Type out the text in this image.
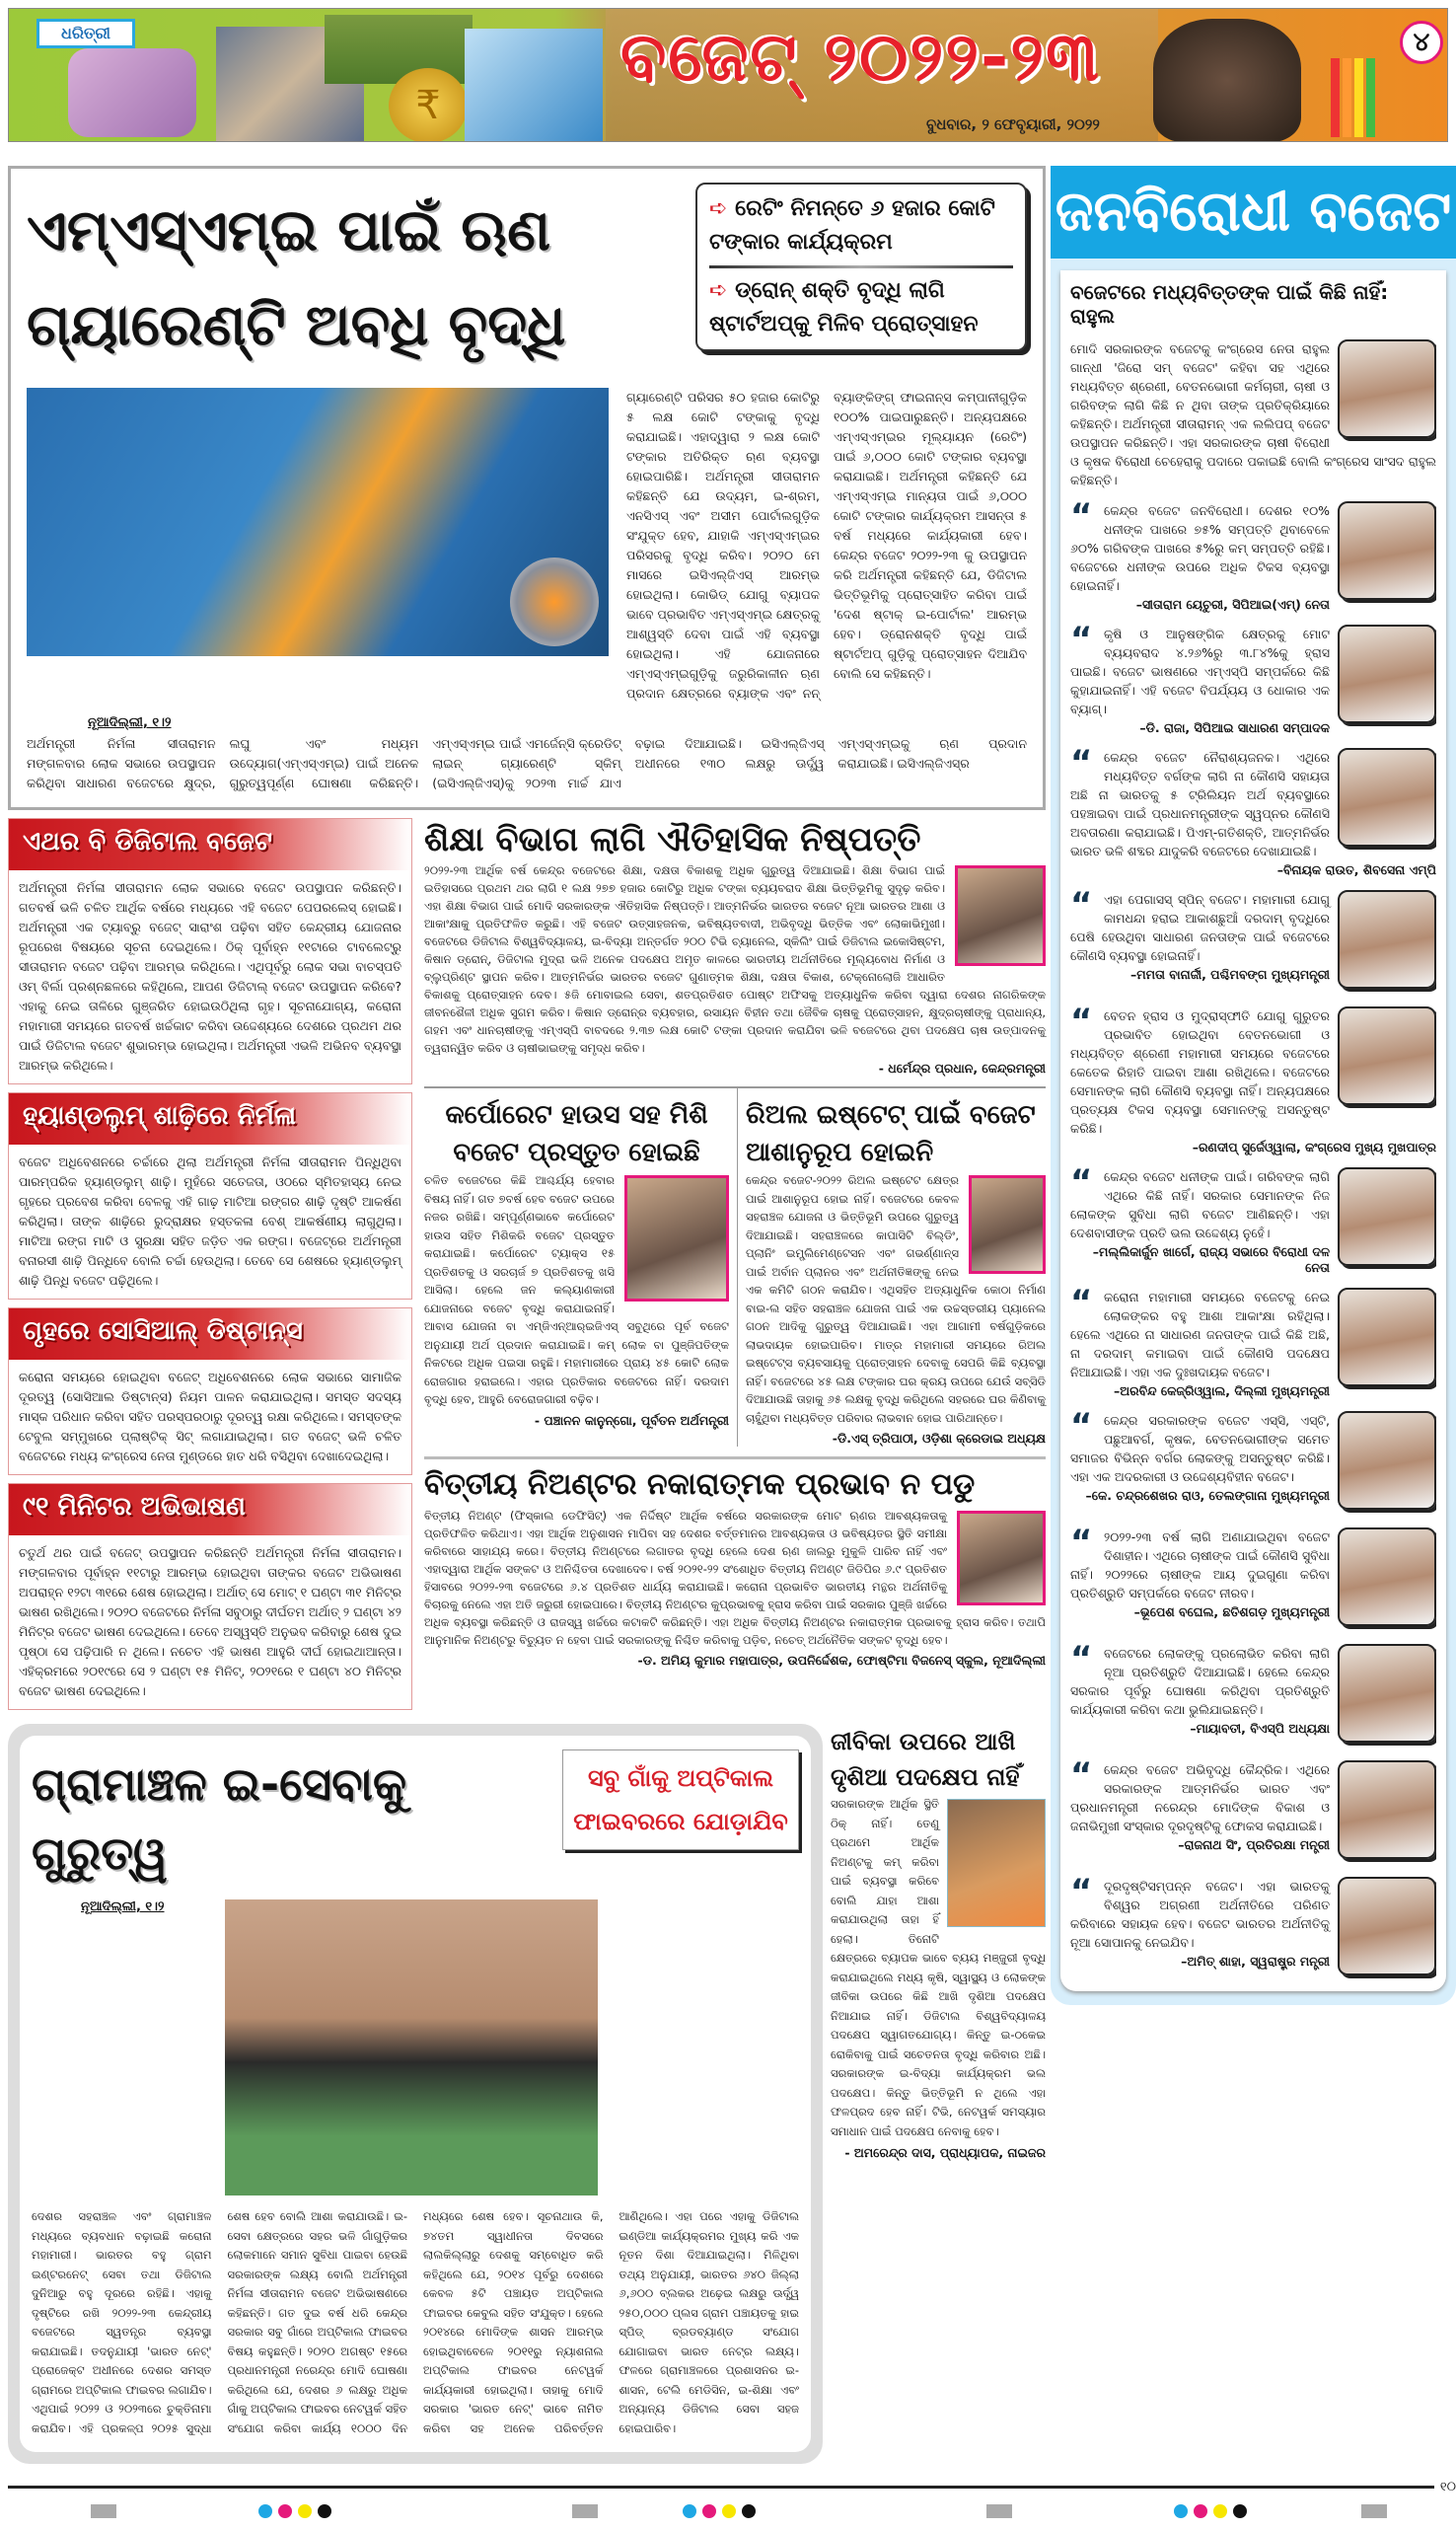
₹
ଧରିତ୍ରୀ	ବଜେଟ୍ ୨୦୨୨-୨୩
ବୁଧବାର, ୨ ଫେବୃୟାରୀ, ୨୦୨୨
୪
ଏମ୍‌ଏସ୍‌ଏମ୍‌ଇ ପାଇଁ ଋଣ ଗ୍ୟାରେଣ୍ଟି ଅବଧି ବୃଦ୍ଧି
➪ ରେଟିଂ ନିମନ୍ତେ ୬ ହଜାର କୋଟି ଟଙ୍କାର କାର୍ଯ୍ୟକ୍ରମ
➪ ଡ୍ରୋନ୍ ଶକ୍ତି ବୃଦ୍ଧି ଲାଗି ଷ୍ଟାର୍ଟଅପ୍‌କୁ ମିଳିବ ପ୍ରୋତ୍ସାହନ
ଗ୍ୟାରେଣ୍ଟି ପରିସର ୫୦ ହଜାର କୋଟିରୁ ୫ ଲକ୍ଷ କୋଟି ଟଙ୍କାକୁ ବୃଦ୍ଧି କରାଯାଇଛି। ଏହାଦ୍ୱାରା ୨ ଲକ୍ଷ କୋଟି ଟଙ୍କାର ଅତିରିକ୍ତ ଋଣ ବ୍ୟବସ୍ଥା ହୋଇପାରିଛି। ଅର୍ଥମନ୍ତ୍ରୀ ସୀତାରାମନ କହିଛନ୍ତି ଯେ ଉଦ୍ୟମ, ଇ-ଶ୍ରମ, ଏନସିଏସ୍ ଏବଂ ଅସୀମ ପୋର୍ଟାଲଗୁଡ଼ିକ ସଂଯୁକ୍ତ ହେବ, ଯାହାକି ଏମ୍‌ଏସ୍‌ଏମ୍‌ଇର ପରିସରକୁ ବୃଦ୍ଧି କରିବ। ୨୦୨୦ ମେ ମାସରେ ଇସିଏଲ୍‌ଜିଏସ୍ ଆରମ୍ଭ ହୋଇଥିଲା। କୋଭିଡ୍ ଯୋଗୁ ବ୍ୟାପକ ଭାବେ ପ୍ରଭାବିତ ଏମ୍‌ଏସ୍‌ଏମ୍‌ଇ କ୍ଷେତ୍ରକୁ ଆଶ୍ୱସ୍ତି ଦେବା ପାଇଁ ଏହି ବ୍ୟବସ୍ଥା ହୋଇଥିଲା। ଏହି ଯୋଜନାରେ ଏମ୍‌ଏସ୍‌ଏମ୍‌ଇଗୁଡ଼ିକୁ ଜରୁରିକାଳୀନ ଋଣ ପ୍ରଦାନ କ୍ଷେତ୍ରରେ ବ୍ୟାଙ୍କ ଏବଂ ନନ୍ ବ୍ୟାଙ୍କିଙ୍ଗ୍ ଫାଇନାନ୍ସ କମ୍ପାନୀଗୁଡ଼ିକ ୧୦୦% ପାଇପାରୁଛନ୍ତି। ଅନ୍ୟପକ୍ଷରେ ଏମ୍‌ଏସ୍‌ଏମ୍‌ଇର ମୂଲ୍ୟାୟନ (ରେଟିଂ) ପାଇଁ ୬,୦୦୦ କୋଟି ଟଙ୍କାର ବ୍ୟବସ୍ଥା କରାଯାଇଛି। ଅର୍ଥମନ୍ତ୍ରୀ କହିଛନ୍ତି ଯେ ଏମ୍‌ଏସ୍‌ଏମ୍‌ଇ ମାନ୍ୟତା ପାଇଁ ୬,୦୦୦ କୋଟି ଟଙ୍କାର କାର୍ଯ୍ୟକ୍ରମ ଆସନ୍ତା ୫ ବର୍ଷ ମଧ୍ୟରେ କାର୍ଯ୍ୟକାରୀ ହେବ। କେନ୍ଦ୍ର ବଜେଟ ୨୦୨୨-୨୩ କୁ ଉପସ୍ଥାପନ କରି ଅର୍ଥମନ୍ତ୍ରୀ କହିଛନ୍ତି ଯେ, ଡିଜିଟାଲ ଭିତ୍ତିଭୂମିକୁ ପ୍ରୋତ୍ସାହିତ କରିବା ପାଇଁ 'ଦେଶ ଷ୍ଟାକ୍ ଇ-ପୋର୍ଟାଲ' ଆରମ୍ଭ ହେବ। ଡ୍ରୋନଶକ୍ତି ବୃଦ୍ଧି ପାଇଁ ଷ୍ଟାର୍ଟଅପ୍ ଗୁଡ଼ିକୁ ପ୍ରୋତ୍ସାହନ ଦିଆଯିବ ବୋଲି ସେ କହିଛନ୍ତି।
ନୂଆଦିଲ୍ଲୀ, ୧।୨
ଅର୍ଥମନ୍ତ୍ରୀ ନିର୍ମଳା ସୀତାରାମନ ମଙ୍ଗଳବାର ଲୋକ ସଭାରେ ଉପସ୍ଥାପନ କରିଥିବା ସାଧାରଣ ବଜେଟରେ କ୍ଷୁଦ୍ର, ଲଘୁ ଏବଂ ମଧ୍ୟମ ଉଦ୍ୟୋଗ(ଏମ୍‌ଏସ୍‌ଏମ୍‌ଇ) ପାଇଁ ଅନେକ ଗୁରୁତ୍ୱପୂର୍ଣ୍ଣ ଘୋଷଣା କରିଛନ୍ତି। ଏମ୍‌ଏସ୍‌ଏମ୍‌ଇ ପାଇଁ ଏମର୍ଜେନ୍ସି କ୍ରେଡିଟ୍ ଲାଇନ୍ ଗ୍ୟାରେଣ୍ଟି ସ୍କିମ୍ (ଇସିଏଲ୍‌ଜିଏସ୍)କୁ ୨୦୨୩ ମାର୍ଚ୍ଚ ଯାଏ ବଢ଼ାଇ ଦିଆଯାଇଛି। ଇସିଏଲ୍‌ଜିଏସ୍ ଅଧୀନରେ ୧୩୦ ଲକ୍ଷରୁ ଊର୍ଦ୍ଧ୍ୱ ଏମ୍‌ଏସ୍‌ଏମ୍‌ଇକୁ ଋଣ ପ୍ରଦାନ କରାଯାଇଛି। ଇସିଏଲ୍‌ଜିଏସ୍‌ର
ଏଥର ବି ଡିଜିଟାଲ ବଜେଟ
ଅର୍ଥମନ୍ତ୍ରୀ ନିର୍ମଳା ସୀତାରାମନ ଲୋକ ସଭାରେ ବଜେଟ ଉପସ୍ଥାପନ କରିଛନ୍ତି। ଗତବର୍ଷ ଭଳି ଚଳିତ ଆର୍ଥିକ ବର୍ଷରେ ମଧ୍ୟରେ ଏହି ବଜେଟ ପେପରଲେସ୍ ହୋଇଛି। ଅର୍ଥମନ୍ତ୍ରୀ ଏକ ଟ୍ୟାବ୍‌ରୁ ବଜେଟ୍ ସାରାଂଶ ପଢ଼ିବା ସହିତ କେନ୍ଦ୍ରୀୟ ଯୋଜନାର ରୂପରେଖ ବିଷୟରେ ସୂଚନା ଦେଇଥିଲେ। ଠିକ୍ ପୂର୍ବାହ୍ନ ୧୧ଟାରେ ଟାବଲେଟ୍‌ରୁ ସୀତାରାମନ ବଜେଟ ପଢ଼ିବା ଆରମ୍ଭ କରିଥିଲେ। ଏଥିପୂର୍ବରୁ ଲୋକ ସଭା ବାଚସ୍ପତି ଓମ୍ ବିର୍ଲା ପ୍ରଶ୍ନଛଳରେ କହିଥିଲେ, ଆପଣ ଡିଜିଟାଲ୍ ବଜେଟ ଉପସ୍ଥାପନ କରିବେ? ଏହାକୁ ନେଇ ତାଳିରେ ଗୁଞ୍ଜରିତ ହୋଇଉଠିଥିଲା ଗୃହ। ସୂଚନାଯୋଗ୍ୟ, କରୋନା ମହାମାରୀ ସମୟରେ ଗତବର୍ଷ ଖର୍ଚ୍ଚକାଟ କରିବା ଉଦ୍ଦେଶ୍ୟରେ ଦେଶରେ ପ୍ରଥମ ଥର ପାଇଁ ଡିଜିଟାଲ ବଜେଟ ଶୁଭାରମ୍ଭ ହୋଇଥିଲା। ଅର୍ଥମନ୍ତ୍ରୀ ଏଭଳି ଅଭିନବ ବ୍ୟବସ୍ଥା ଆରମ୍ଭ କରିଥିଲେ।
ହ୍ୟାଣ୍ଡଲୁମ୍ ଶାଢ଼ିରେ ନିର୍ମଳା
ବଜେଟ ଅଧିବେଶନରେ ଚର୍ଚ୍ଚାରେ ଥିଲା ଅର୍ଥମନ୍ତ୍ରୀ ନିର୍ମଳା ସୀତାରାମନ ପିନ୍ଧିଥିବା ପାରମ୍ପରିକ ହ୍ୟାଣ୍ଡଲୁମ୍ ଶାଢ଼ି। ମୁହଁରେ ସତେଜତା, ଓଠରେ ସ୍ମିତହାସ୍ୟ ନେଇ ଗୃହରେ ପ୍ରବେଶ କରିବା ବେଳକୁ ଏହି ଗାଢ଼ ମାଟିଆ ରଙ୍ଗର ଶାଢ଼ି ଦୃଷ୍ଟି ଆକର୍ଷଣ କରିଥିଲା। ତାଙ୍କ ଶାଢ଼ିରେ ରୁଦ୍ରାକ୍ଷର ହସ୍ତକଳା ବେଶ୍ ଆକର୍ଷଣୀୟ ଲାଗୁଥିଲା। ମାଟିଆ ରଙ୍ଗ ମାଟି ଓ ସୁରକ୍ଷା ସହିତ ଜଡ଼ିତ ଏକ ରଙ୍ଗ। ବଜେଟ୍‌ରେ ଅର୍ଥମନ୍ତ୍ରୀ ବନାରସୀ ଶାଢ଼ି ପିନ୍ଧିବେ ବୋଲି ଚର୍ଚ୍ଚା ହେଉଥିଲା। ତେବେ ସେ ଶେଷରେ ହ୍ୟାଣ୍ଡଲୁମ୍ ଶାଢ଼ି ପିନ୍ଧି ବଜେଟ ପଢ଼ିଥିଲେ।
ଗୃହରେ ସୋସିଆଲ୍ ଡିଷ୍ଟାନ୍ସ
କରୋନା ସମୟରେ ହୋଇଥିବା ବଜେଟ୍ ଅଧିବେଶନରେ ଲୋକ ସଭାରେ ସାମାଜିକ ଦୂରତ୍ୱ (ସୋସିଆଲ ଡିଷ୍ଟାନ୍ସ) ନିୟମ ପାଳନ କରାଯାଇଥିଲା। ସମସ୍ତ ସଦସ୍ୟ ମାସ୍କ ପରିଧାନ କରିବା ସହିତ ପରସ୍ପରଠାରୁ ଦୂରତ୍ୱ ରକ୍ଷା କରିଥିଲେ। ସମସ୍ତଙ୍କ ଟେବୁଲ ସମ୍ମୁଖରେ ପ୍ଲାଷ୍ଟିକ୍ ସିଟ୍ ଲଗାଯାଇଥିଲା। ଗତ ବଜେଟ୍ ଭଳି ଚଳିତ ବଜେଟରେ ମଧ୍ୟ କଂଗ୍ରେସ ନେତା ମୁଣ୍ଡରେ ହାତ ଧରି ବସିଥିବା ଦେଖାଦେଇଥିଲା।
୯୧ ମିନିଟର ଅଭିଭାଷଣ
ଚତୁର୍ଥ ଥର ପାଇଁ ବଜେଟ୍ ଉପସ୍ଥାପନ କରିଛନ୍ତି ଅର୍ଥମନ୍ତ୍ରୀ ନିର୍ମଳା ସୀତାରାମନ। ମଙ୍ଗଳବାର ପୂର୍ବାହ୍ନ ୧୧ଟାରୁ ଆରମ୍ଭ ହୋଇଥିବା ତାଙ୍କର ବଜେଟ ଅଭିଭାଷଣ ଅପରାହ୍ନ ୧୨ଟା ୩୧ରେ ଶେଷ ହୋଇଥିଲା। ଅର୍ଥାତ୍ ସେ ମୋଟ୍ ୧ ଘଣ୍ଟା ୩୧ ମିନିଟ୍‌ର ଭାଷଣ ରଖିଥିଲେ। ୨୦୨୦ ବଜେଟରେ ନିର୍ମଳା ସବୁଠାରୁ ଦୀର୍ଘତମ ଅର୍ଥାତ୍ ୨ ଘଣ୍ଟା ୪୨ ମିନିଟ୍‌ର ବଜେଟ ଭାଷଣ ଦେଇଥିଲେ। ତେବେ ଅସ୍ୱସ୍ତି ଅନୁଭବ କରିବାରୁ ଶେଷ ଦୁଇ ପୃଷ୍ଠା ସେ ପଢ଼ିପାରି ନ ଥିଲେ। ନଚେତ ଏହି ଭାଷଣ ଆହୁରି ଦୀର୍ଘ ହୋଇଥାଆନ୍ତା। ଏହିକ୍ରମରେ ୨୦୧୯ରେ ସେ ୨ ଘଣ୍ଟା ୧୫ ମିନିଟ୍, ୨୦୨୧ରେ ୧ ଘଣ୍ଟା ୪୦ ମିନିଟ୍‌ର ବଜେଟ ଭାଷଣ ଦେଇଥିଲେ।
ଶିକ୍ଷା ବିଭାଗ ଲାଗି ଐତିହାସିକ ନିଷ୍ପତ୍ତି
୨୦୨୨-୨୩ ଆର୍ଥିକ ବର୍ଷ କେନ୍ଦ୍ର ବଜେଟରେ ଶିକ୍ଷା, ଦକ୍ଷତା ବିକାଶକୁ ଅଧିକ ଗୁରୁତ୍ୱ ଦିଆଯାଇଛି। ଶିକ୍ଷା ବିଭାଗ ପାଇଁ ଇତିହାସରେ ପ୍ରଥମ ଥର ଲାଗି ୧ ଲକ୍ଷ ୨୭୭ ହଜାର କୋଟିରୁ ଅଧିକ ଟଙ୍କା ବ୍ୟୟବରାଦ ଶିକ୍ଷା ଭିତ୍ତିଭୂମିକୁ ସୁଦୃଢ଼ କରିବ। ଏହା ଶିକ୍ଷା ବିଭାଗ ପାଇଁ ମୋଦି ସରକାରଙ୍କ ଐତିହାସିକ ନିଷ୍ପତ୍ତି। ଆତ୍ମନିର୍ଭର ଭାରତର ବଜେଟ ନୂଆ ଭାରତର ଆଶା ଓ ଆକାଂକ୍ଷାକୁ ପ୍ରତିଫଳିତ କରୁଛି। ଏହି ବଜେଟ ଉତ୍ସାହଜନକ, ଭବିଷ୍ୟତବାଦୀ, ଅଭିବୃଦ୍ଧି ଭିତ୍ତିକ ଏବଂ ଲୋକାଭିମୁଖୀ। ବଜେଟରେ ଡିଜିଟାଲ ବିଶ୍ୱବିଦ୍ୟାଳୟ, ଇ-ବିଦ୍ୟା ଅନ୍ତର୍ଗତ ୨୦୦ ଟିଭି ଚ୍ୟାନେଲ, ସ୍କିଲିଂ ପାଇଁ ଡିଜିଟାଲ ଇକୋସିଷ୍ଟମ, କିଷାନ ଡ୍ରୋନ୍, ଡିଜିଟାଲ ମୁଦ୍ରା ଭଳି ଅନେକ ପଦକ୍ଷେପ ଅମୃତ କାଳରେ ଭାରତୀୟ ଅର୍ଥନୀତିରେ ମୂଲ୍ୟବୋଧ ନିର୍ମାଣ ଓ ବ୍ଲୁପ୍ରିଣ୍ଟ ସ୍ଥାପନ କରିବ। ଆତ୍ମନିର୍ଭର ଭାରତର ବଜେଟ ଗୁଣାତ୍ମକ ଶିକ୍ଷା, ଦକ୍ଷତା ବିକାଶ, ଟେକ୍ନୋଲୋଜି ଆଧାରିତ ବିକାଶକୁ ପ୍ରୋତ୍ସାହନ ଦେବ। ୫ଜି ମୋବାଇଲ ସେବା, ଶତପ୍ରତିଶତ ପୋଷ୍ଟ ଅଫିସକୁ ଅତ୍ୟାଧୁନିକ କରିବା ଦ୍ୱାରା ଦେଶର ନାଗରିକଙ୍କ ଜୀବନଶୈଳୀ ଅଧିକ ସୁଗମ କରିବ। କିଷାନ ଡ୍ରୋନ୍‌ର ବ୍ୟବହାର, ରସାୟନ ବିହୀନ ତଥା ଜୈବିକ ଚାଷକୁ ପ୍ରୋତ୍ସାହନ, କ୍ଷୁଦ୍ରଚାଷୀଙ୍କୁ ପ୍ରାଧାନ୍ୟ, ଗହମ ଏବଂ ଧାନଚାଷୀଙ୍କୁ ଏମ୍‌ଏସ୍‌ପି ବାବଦରେ ୨.୩୭ ଲକ୍ଷ କୋଟି ଟଙ୍କା ପ୍ରଦାନ କରାଯିବା ଭଳି ବଜେଟରେ ଥିବା ପଦକ୍ଷେପ ଚାଷ ଉତ୍ପାଦନକୁ ତ୍ୱରାନ୍ୱିତ କରିବ ଓ ଚାଷୀଭାଇଙ୍କୁ ସମୃଦ୍ଧ କରିବ।
- ଧର୍ମେନ୍ଦ୍ର ପ୍ରଧାନ, କେନ୍ଦ୍ରମନ୍ତ୍ରୀ
କର୍ପୋରେଟ ହାଉସ ସହ ମିଶି ବଜେଟ ପ୍ରସ୍ତୁତ ହୋଇଛି
ଚଳିତ ବଜେଟରେ କିଛି ଆଶ୍ଚର୍ଯ୍ୟ ହେବାର ବିଷୟ ନାହିଁ। ଗତ ୭ବର୍ଷ ହେବ ବଜେଟ ଉପରେ ନଜର ରଖିଛି। ସମ୍ପୂର୍ଣ୍ଣଭାବେ କର୍ପୋରେଟ ହାଉସ ସହିତ ମିଶିକରି ବଜେଟ ପ୍ରସ୍ତୁତ କରାଯାଇଛି। କର୍ପୋରେଟ ଟ୍ୟାକ୍ସ ୧୫ ପ୍ରତିଶତକୁ ଓ ସରଚାର୍ଜ ୭ ପ୍ରତିଶତକୁ ଖସି ଆସିଲା। ହେଲେ ଜନ କଲ୍ୟାଣକାରୀ ଯୋଜନାରେ ବଜେଟ ବୃଦ୍ଧି କରାଯାଇନାହିଁ। ଆବାସ ଯୋଜନା ବା ଏମ୍‌ଜିଏନ୍‌ଆର୍‌ଇଜିଏସ୍ ସବୁଥିରେ ପୂର୍ବ ବଜେଟ ଅନୁଯାୟୀ ଅର୍ଥ ପ୍ରଦାନ କରାଯାଇଛି। କମ୍ ଲୋକ ବା ପୁଞ୍ଜିପତିଙ୍କ ନିକଟରେ ଅଧିକ ପଇସା ରହୁଛି। ମହାମାରୀରେ ପ୍ରାୟ ୪୫ କୋଟି ଲୋକ ରୋଜଗାର ହରାଇଲେ। ଏହାର ପ୍ରତିକାର ବଜେଟରେ ନାହିଁ। ଦରଦାମ ବୃଦ୍ଧି ହେବ, ଆହୁରି ବେରୋଜଗାରୀ ବଢ଼ିବ।
- ପଞ୍ଚାନନ କାନୁନ୍‌ଗୋ, ପୂର୍ବତନ ଅର୍ଥମନ୍ତ୍ରୀ
ରିଅଲ ଇଷ୍ଟେଟ୍ ପାଇଁ ବଜେଟ ଆଶାନୁରୂପ ହୋଇନି
କେନ୍ଦ୍ର ବଜେଟ-୨୦୨୨ ରିଅଲ ଇଷ୍ଟେଟ କ୍ଷେତ୍ର ପାଇଁ ଆଶାନୁରୂପ ହୋଇ ନାହିଁ। ବଜେଟରେ କେବଳ ସହରାଞ୍ଚଳ ଯୋଜନା ଓ ଭିତ୍ତିଭୂମି ଉପରେ ଗୁରୁତ୍ୱ ଦିଆଯାଇଛି। ସହରାଞ୍ଚଳରେ କାପାସିଟି ବିଲ୍ଡିଂ, ପ୍ଲାନିଂ ଇମ୍ପ୍ଲିମେଣ୍ଟେସନ ଏବଂ ଗଭର୍ଣ୍ଣାନ୍ସ ପାଇଁ ଅର୍ବାନ ପ୍ଲାନର ଏବଂ ଅର୍ଥନୀତିଜ୍ଞଙ୍କୁ ନେଇ ଏକ କମିଟି ଗଠନ କରାଯିବ। ଏଥିସହିତ ଅତ୍ୟାଧୁନିକ କୋଠା ନିର୍ମାଣ ବାଇ-ଲ ସହିତ ସହରାଞ୍ଚଳ ଯୋଜନା ପାଇଁ ଏକ ଉଚ୍ଚସ୍ତରୀୟ ପ୍ୟାନେଲ ଗଠନ ଆଦିକୁ ଗୁରୁତ୍ୱ ଦିଆଯାଇଛି। ଏହା ଆଗାମୀ ବର୍ଷଗୁଡ଼ିକରେ ଲାଭଦାୟକ ହୋଇପାରିବ। ମାତ୍ର ମହାମାରୀ ସମୟରେ ରିଅଲ ଇଷ୍ଟେଟ୍ସ ବ୍ୟବସାୟକୁ ପ୍ରୋତ୍ସାହନ ଦେବାକୁ ସେପରି କିଛି ବ୍ୟବସ୍ଥା ନାହିଁ। ବଜେଟରେ ୪୫ ଲକ୍ଷ ଟଙ୍କାର ଘର କ୍ରୟ ଉପରେ ଯେଉଁ ସବ୍‌ସିଡି ଦିଆଯାଉଛି ତାହାକୁ ୬୫ ଲକ୍ଷକୁ ବୃଦ୍ଧି କରିଥିଲେ ସହରରେ ଘର କିଣିବାକୁ ଚାହୁଁଥିବା ମଧ୍ୟବିତ୍ତ ପରିବାର ଲାଭବାନ ହୋଇ ପାରିଥାନ୍ତେ।
-ଡି.ଏସ୍ ତ୍ରିପାଠୀ, ଓଡ଼ିଶା କ୍ରେଡାଇ ଅଧ୍ୟକ୍ଷ
ବିତ୍ତୀୟ ନିଅଣ୍ଟର ନକାରାତ୍ମକ ପ୍ରଭାବ ନ ପଡୁ
ବିତ୍ତୀୟ ନିଅଣ୍ଟ (ଫିସ୍‌କାଲ ଡେଫିସିଟ୍) ଏକ ନିର୍ଦ୍ଦିଷ୍ଟ ଆର୍ଥିକ ବର୍ଷରେ ସରକାରଙ୍କ ମୋଟ ଋଣର ଆବଶ୍ୟକତାକୁ ପ୍ରତିଫଳିତ କରିଥାଏ। ଏହା ଆର୍ଥିକ ଅନୁଶାସନ ମାପିବା ସହ ଦେଶର ବର୍ତ୍ତମାନର ଆବଶ୍ୟକତା ଓ ଭବିଷ୍ୟତର ସ୍ଥିତି ସମୀକ୍ଷା କରିବାରେ ସାହାଯ୍ୟ କରେ। ବିତ୍ତୀୟ ନିଅଣ୍ଟରେ ଲଗାତର ବୃଦ୍ଧି ହେଲେ ଦେଶ ଋଣ ଜାଲରୁ ମୁକୁଳି ପାରିବ ନାହିଁ ଏବଂ ଏହାଦ୍ୱାରା ଆର୍ଥିକ ସଙ୍କଟ ଓ ଅନିଶ୍ଚିତତା ଦେଖାଦେବ। ବର୍ଷ ୨୦୨୧-୨୨ ସଂଶୋଧିତ ବିତ୍ତୀୟ ନିଅଣ୍ଟ ଜିଡିପିର ୬.୯ ପ୍ରତିଶତ ହିସାବରେ ୨୦୨୨-୨୩ ବଜେଟରେ ୬.୪ ପ୍ରତିଶତ ଧାର୍ଯ୍ୟ କରାଯାଇଛି। କରୋନା ପ୍ରଭାବିତ ଭାରତୀୟ ମନ୍ଥର ଅର୍ଥନୀତିକୁ ବିଚାରକୁ ନେଲେ ଏହା ଅତି ଜରୁରୀ ହୋଇପାରେ। ବିତ୍ତୀୟ ନିଅଣ୍ଟର କୁପ୍ରଭାବକୁ ହ୍ରାସ କରିବା ପାଇଁ ସରକାର ପୁଞ୍ଜି ଖର୍ଚ୍ଚରେ ଅଧିକ ବ୍ୟବସ୍ଥା କରିଛନ୍ତି ଓ ରାଜସ୍ୱ ଖର୍ଚ୍ଚରେ କଟାକଟି କରିଛନ୍ତି। ଏହା ଅଧିକ ବିତ୍ତୀୟ ନିଅଣ୍ଟର ନକାରାତ୍ମକ ପ୍ରଭାବକୁ ହ୍ରାସ କରିବ। ତଥାପି ଆନୁମାନିକ ନିଅଣ୍ଟରୁ ବିଚ୍ୟୁତ ନ ହେବା ପାଇଁ ସରକାରଙ୍କୁ ନିଶ୍ଚିତ କରିବାକୁ ପଡ଼ିବ, ନଚେତ୍ ଅର୍ଥନୈତିକ ସଙ୍କଟ ବୃଦ୍ଧି ହେବ।
-ଡ. ଅମିୟ କୁମାର ମହାପାତ୍ର, ଉପନିର୍ଦ୍ଦେଶକ, ଫୋଷ୍ଟିମା ବିଜନେସ୍ ସ୍କୁଲ, ନୂଆଦିଲ୍ଲୀ
ଗ୍ରାମାଞ୍ଚଳ ଇ-ସେବାକୁ ଗୁରୁତ୍ୱ
ସବୁ ଗାଁକୁ ଅପ୍ଟିକାଲ ଫାଇବରରେ ଯୋଡ଼ାଯିବ
ନୂଆଦିଲ୍ଲୀ, ୧।୨
ଦେଶର ସହରାଞ୍ଚଳ ଏବଂ ଗ୍ରାମାଞ୍ଚଳ ମଧ୍ୟରେ ବ୍ୟବଧାନ ବଢ଼ାଇଛି କରୋନା ମହାମାରୀ। ଭାରତର ବହୁ ଗ୍ରାମ ଇଣ୍ଟରନେଟ୍ ସେବା ତଥା ଡିଜିଟାଲ ଦୁନିଆରୁ ବହୁ ଦୂରରେ ରହିଛି। ଏହାକୁ ଦୃଷ୍ଟିରେ ରଖି ୨୦୨୨-୨୩ କେନ୍ଦ୍ରୀୟ ବଜେଟରେ ସ୍ୱତନ୍ତ୍ର ବ୍ୟବସ୍ଥା କରାଯାଇଛି। ତଦନୁଯାୟୀ 'ଭାରତ ନେଟ୍' ପ୍ରୋଜେକ୍ଟ ଅଧୀନରେ ଦେଶର ସମସ୍ତ ଗ୍ରାମରେ ଅପ୍ଟିକାଲ ଫାଇବର ଲଗାଯିବ। ଏଥିପାଇଁ ୨୦୨୨ ଓ ୨୦୨୩ରେ ଚୁକ୍ତିନାମା କରାଯିବ। ଏହି ପ୍ରକଳ୍ପ ୨୦୨୫ ସୁଦ୍ଧା ଶେଷ ହେବ ବୋଲି ଆଶା କରାଯାଉଛି। ଇ-ସେବା କ୍ଷେତ୍ରରେ ସହର ଭଳି ଗାଁଗୁଡ଼ିକର ଲୋକମାନେ ସମାନ ସୁବିଧା ପାଇବା ହେଉଛି ସରକାରଙ୍କ ଲକ୍ଷ୍ୟ ବୋଲି ଅର୍ଥମନ୍ତ୍ରୀ ନିର୍ମଳା ସୀତାରାମନ ବଜେଟ ଅଭିଭାଷଣରେ କହିଛନ୍ତି। ଗତ ଦୁଇ ବର୍ଷ ଧରି କେନ୍ଦ୍ର ସରକାର ସବୁ ଗାଁରେ ଅପ୍ଟିକାଲ ଫାଇବର ବିଷୟ କହୁଛନ୍ତି। ୨୦୨୦ ଅଗଷ୍ଟ ୧୫ରେ ପ୍ରଧାନମନ୍ତ୍ରୀ ନରେନ୍ଦ୍ର ମୋଦି ଘୋଷଣା କରିଥିଲେ ଯେ, ଦେଶର ୬ ଲକ୍ଷରୁ ଅଧିକ ଗାଁକୁ ଅପ୍ଟିକାଲ ଫାଇବର ନେଟୱର୍କ ସହିତ ସଂଯୋଗ କରିବା କାର୍ଯ୍ୟ ୧୦୦୦ ଦିନ ମଧ୍ୟରେ ଶେଷ ହେବ। ସୂଚନାଥାଉ କି, ୭୪ତମ ସ୍ୱାଧୀନତା ଦିବସରେ ଲାଲକିଲ୍ଲାରୁ ଦେଶକୁ ସମ୍ବୋଧିତ କରି କହିଥିଲେ ଯେ, ୨୦୧୪ ପୂର୍ବରୁ ଦେଶରେ କେବଳ ୫ଟି ପଞ୍ଚାୟତ ଅପ୍ଟିକାଲ ଫାଇବର କେବୁଲ ସହିତ ସଂଯୁକ୍ତ। ହେଲେ ୨୦୧୪ରେ ମୋଦିଙ୍କ ଶାସନ ଆରମ୍ଭ ହୋଇଥିବାବେଳେ ୨୦୧୧ରୁ ନ୍ୟାଶନାଲ ଅପ୍ଟିକାଲ ଫାଇବର ନେଟୱର୍କ କାର୍ଯ୍ୟକାରୀ ହୋଇଥିଲା। ତାହାକୁ ମୋଦି ସରକାର 'ଭାରତ ନେଟ୍' ଭାବେ ନାମିତ କରିବା ସହ ଅନେକ ପରିବର୍ତ୍ତନ ଆଣିଥିଲେ। ଏହା ପରେ ଏହାକୁ ଡିଜିଟାଲ ଇଣ୍ଡିଆ କାର୍ଯ୍ୟକ୍ରମର ମୁଖ୍ୟ କରି ଏକ ନୂତନ ଦିଶା ଦିଆଯାଇଥିଲା। ମିଳିଥିବା ତଥ୍ୟ ଅନୁଯାୟୀ, ଭାରତର ୬୪୦ ଜିଲ୍ଲା ୬,୬୦୦ ବ୍ଲକର ଅଢ଼େଇ ଲକ୍ଷରୁ ଊର୍ଦ୍ଧ୍ୱ ୨୫୦,୦୦୦ ପ୍ଲସ ଗ୍ରାମ ପଞ୍ଚାୟତକୁ ହାଇ ସ୍ପିଡ୍ ବ୍ରଡବ୍ୟାଣ୍ଡ ସଂଯୋଗ ଯୋଗାଇବା ଭାରତ ନେଟ୍‌ର ଲକ୍ଷ୍ୟ। ଫଳରେ ଗ୍ରାମାଞ୍ଚଳରେ ପ୍ରଶାସନର ଇ-ଶାସନ, ଟେଲି ମେଡିସିନ, ଇ-ଶିକ୍ଷା ଏବଂ ଅନ୍ୟାନ୍ୟ ଡିଜିଟାଲ ସେବା ସହଜ ହୋଇପାରିବ।
ଜୀବିକା ଉପରେ ଆଖି ଦୃଶିଆ ପଦକ୍ଷେପ ନାହିଁ
ସରକାରଙ୍କ ଆର୍ଥିକ ସ୍ଥିତି ଠିକ୍ ନାହିଁ। ତେଣୁ ପ୍ରଥମେ ଆର୍ଥିକ ନିଅଣ୍ଟକୁ କମ୍ କରିବା ପାଇଁ ବ୍ୟବସ୍ଥା କରିବେ ବୋଲି ଯାହା ଆଶା କରାଯାଉଥିଲା ତାହା ହିଁ ହେଲା। ତିନୋଟି କ୍ଷେତ୍ରରେ ବ୍ୟାପକ ଭାବେ ବ୍ୟୟ ମଞ୍ଜୁରୀ ବୃଦ୍ଧି କରାଯାଇଥିଲେ ମଧ୍ୟ କୃଷି, ସ୍ୱାସ୍ଥ୍ୟ ଓ ଲୋକଙ୍କ ଜୀବିକା ଉପରେ କିଛି ଆଖି ଦୃଶିଆ ପଦକ୍ଷେପ ନିଆଯାଇ ନାହିଁ। ଡିଜିଟାଲ ବିଶ୍ୱବିଦ୍ୟାଳୟ ପଦକ୍ଷେପ ସ୍ୱାଗତଯୋଗ୍ୟ। କିନ୍ତୁ ଇ-ଠକେଇ ରୋକିବାକୁ ପାଇଁ ସଚେତନତା ବୃଦ୍ଧି କରିବାର ଅଛି। ସରକାରଙ୍କ ଇ-ବିଦ୍ୟା କାର୍ଯ୍ୟକ୍ରମ ଭଲ ପଦକ୍ଷେପ। କିନ୍ତୁ ଭିତ୍ତିଭୂମି ନ ଥିଲେ ଏହା ଫଳପ୍ରଦ ହେବ ନାହିଁ। ଟିଭି, ନେଟୱର୍କ ସମସ୍ୟାର ସମାଧାନ ପାଇଁ ପଦକ୍ଷେପ ନେବାକୁ ହେବ।
- ଅମରେନ୍ଦ୍ର ଦାସ, ପ୍ରାଧ୍ୟାପକ, ନାଇଜର
ଜନବିରୋଧୀ ବଜେଟ
ବଜେଟରେ ମଧ୍ୟବିତ୍ତଙ୍କ ପାଇଁ କିଛି ନାହିଁ: ରାହୁଲ
ମୋଦି ସରକାରଙ୍କ ବଜେଟକୁ କଂଗ୍ରେସ ନେତା ରାହୁଲ ଗାନ୍ଧୀ 'ଜିରୋ ସମ୍ ବଜେଟ' କହିବା ସହ ଏଥିରେ ମଧ୍ୟବିତ୍ତ ଶ୍ରେଣୀ, ବେତନଭୋଗୀ କର୍ମଚାରୀ, ଚାଷୀ ଓ ଗରିବଙ୍କ ଲାଗି କିଛି ନ ଥିବା ତାଙ୍କ ପ୍ରତିକ୍ରିୟାରେ କହିଛନ୍ତି। ଅର୍ଥମନ୍ତ୍ରୀ ସୀତାରାମନ୍ ଏକ ଲଲିପପ୍ ବଜେଟ ଉପସ୍ଥାପନ କରିଛନ୍ତି। ଏହା ସରକାରଙ୍କ ଚାଷୀ ବିରୋଧୀ ଓ କୃଷକ ବିରୋଧୀ ଚେହେରାକୁ ପଦାରେ ପକାଇଛି ବୋଲି କଂଗ୍ରେସ ସାଂସଦ ରାହୁଲ କହିଛନ୍ତି।
“ କେନ୍ଦ୍ର ବଜେଟ ଜନବିରୋଧୀ। ଦେଶର ୧୦% ଧନୀଙ୍କ ପାଖରେ ୭୫% ସମ୍ପତ୍ତି ଥିବାବେଳେ ୬୦% ଗରିବଙ୍କ ପାଖରେ ୫%ରୁ କମ୍ ସମ୍ପତ୍ତି ରହିଛି। ବଜେଟରେ ଧନୀଙ୍କ ଉପରେ ଅଧିକ ଟିକସ ବ୍ୟବସ୍ଥା ହୋଇନାହିଁ।
–ସୀତାରାମ ୟେଚୁରୀ, ସିପିଆଇ(ଏମ୍) ନେତା
“ କୃଷି ଓ ଆନୁଷଙ୍ଗିକ କ୍ଷେତ୍ରକୁ ମୋଟ ବ୍ୟୟବରାଦ ୪.୨୬%ରୁ ୩.୮୪%କୁ ହ୍ରାସ ପାଇଛି। ବଜେଟ ଭାଷଣରେ ଏମ୍‌ଏସ୍‌ପି ସମ୍ପର୍କରେ କିଛି କୁହାଯାଇନାହିଁ। ଏହି ବଜେଟ ବିପର୍ଯ୍ୟୟ ଓ ଧୋକାର ଏକ ବ୍ୟାଗ୍।
–ଡି. ରାଜା, ସିପିଆଇ ସାଧାରଣ ସମ୍ପାଦକ
“ କେନ୍ଦ୍ର ବଜେଟ ନୈରାଶ୍ୟଜନକ। ଏଥିରେ ମଧ୍ୟବିତ୍ତ ବର୍ଗଙ୍କ ଲାଗି ନା କୌଣସି ସହାୟତା ଅଛି ନା ଭାରତକୁ ୫ ଟ୍ରିଲିୟନ ଅର୍ଥ ବ୍ୟବସ୍ଥାରେ ପହଞ୍ଚାଇବା ପାଇଁ ପ୍ରଧାନମନ୍ତ୍ରୀଙ୍କ ସ୍ୱପ୍ନର କୌଣସି ଅବତାରଣା କରାଯାଇଛି। ପିଏମ୍-ଗତିଶକ୍ତି, ଆତ୍ମନିର୍ଭର ଭାରତ ଭଳି ଶବ୍ଦର ଯାଦୁକରି ବଜେଟରେ ଦେଖାଯାଇଛି।
–ବିନାୟକ ରାଉତ, ଶିବସେନା ଏମ୍‌ପି
“ ଏହା ପେଗାସସ୍ ସ୍ପିନ୍ ବଜେଟ। ମହାମାରୀ ଯୋଗୁ କାମଧନ୍ଦା ହରାଇ ଆକାଶଛୁଆଁ ଦରଦାମ୍ ବୃଦ୍ଧିରେ ପେଷି ହେଉଥିବା ସାଧାରଣ ଜନତାଙ୍କ ପାଇଁ ବଜେଟରେ କୌଣସି ବ୍ୟବସ୍ଥା ହୋଇନାହିଁ।
–ମମତା ବାନାର୍ଜୀ, ପଶ୍ଚିମବଙ୍ଗ ମୁଖ୍ୟମନ୍ତ୍ରୀ
“ ବେତନ ହ୍ରାସ ଓ ମୁଦ୍ରାସ୍ଫୀତି ଯୋଗୁ ଗୁରୁତର ପ୍ରଭାବିତ ହୋଇଥିବା ବେତନଭୋଗୀ ଓ ମଧ୍ୟବିତ୍ତ ଶ୍ରେଣୀ ମହାମାରୀ ସମୟରେ ବଜେଟରେ କେତେକ ରିହାତି ପାଇବା ଆଶା ରଖିଥିଲେ। ବଜେଟରେ ସେମାନଙ୍କ ଲାଗି କୌଣସି ବ୍ୟବସ୍ଥା ନାହିଁ। ଅନ୍ୟପକ୍ଷରେ ପ୍ରତ୍ୟକ୍ଷ ଟିକସ ବ୍ୟବସ୍ଥା ସେମାନଙ୍କୁ ଅସନ୍ତୁଷ୍ଟ କରିଛି।
–ରଣଦୀପ୍ ସୁର୍ଜେଓ୍ୱାଲା, କଂଗ୍ରେସ ମୁଖ୍ୟ ମୁଖପାତ୍ର
“ କେନ୍ଦ୍ର ବଜେଟ ଧନୀଙ୍କ ପାଇଁ। ଗରିବଙ୍କ ଲାଗି ଏଥିରେ କିଛି ନାହିଁ। ସରକାର ସେମାନଙ୍କ ନିଜ ଲୋକଙ୍କ ସୁବିଧା ଲାଗି ବଜେଟ ଆଣିଛନ୍ତି। ଏହା ଦେଶବାସୀଙ୍କ ପ୍ରତି ଭଲ ଉଦ୍ଦେଶ୍ୟ ନୁହେଁ।
–ମଲ୍ଲିକାର୍ଜୁନ ଖାର୍ଗେ, ରାଜ୍ୟ ସଭାରେ ବିରୋଧୀ ଦଳ ନେତା
“ କରୋନା ମହାମାରୀ ସମୟରେ ବଜେଟକୁ ନେଇ ଲୋକଙ୍କର ବହୁ ଆଶା ଆକାଂକ୍ଷା ରହିଥିଲା। ହେଲେ ଏଥିରେ ନା ସାଧାରଣ ଜନତାଙ୍କ ପାଇଁ କିଛି ଅଛି, ନା ଦରଦାମ୍ କମାଇବା ପାଇଁ କୌଣସି ପଦକ୍ଷେପ ନିଆଯାଇଛି। ଏହା ଏକ ଦୁଃଖଦାୟକ ବଜେଟ।
–ଅରବିନ୍ଦ କେଜ୍‌ରିଓ୍ୱାଲ, ଦିଲ୍ଲୀ ମୁଖ୍ୟମନ୍ତ୍ରୀ
“ କେନ୍ଦ୍ର ସରକାରଙ୍କ ବଜେଟ ଏସ୍‌ସି, ଏସ୍‌ଟି, ପଛୁଆବର୍ଗ, କୃଷକ, ବେତନଭୋଗୀଙ୍କ ସମେତ ସମାଜର ବିଭିନ୍ନ ବର୍ଗର ଲୋକଙ୍କୁ ଅସନ୍ତୁଷ୍ଟ କରିଛି। ଏହା ଏକ ଅଦରକାରୀ ଓ ଉଦ୍ଦେଶ୍ୟବିହୀନ ବଜେଟ।
–କେ. ଚନ୍ଦ୍ରଶେଖର ରାଓ, ତେଲଙ୍ଗାନା ମୁଖ୍ୟମନ୍ତ୍ରୀ
“ ୨୦୨୨-୨୩ ବର୍ଷ ଲାଗି ଅଣାଯାଇଥିବା ବଜେଟ ଦିଶାହୀନ। ଏଥିରେ ଚାଷୀଙ୍କ ପାଇଁ କୌଣସି ସୁବିଧା ନାହିଁ। ୨୦୨୨ରେ ଚାଷୀଙ୍କ ଆୟ ଦୁଇଗୁଣା କରିବା ପ୍ରତିଶ୍ରୁତି ସମ୍ପର୍କରେ ବଜେଟ ନୀରବ।
–ଭୂପେଶ ବଘେଲ, ଛତିଶଗଡ଼ ମୁଖ୍ୟମନ୍ତ୍ରୀ
“ ବଜେଟରେ ଲୋକଙ୍କୁ ପ୍ରଲୋଭିତ କରିବା ଲାଗି ନୂଆ ପ୍ରତିଶ୍ରୁତି ଦିଆଯାଇଛି। ହେଲେ କେନ୍ଦ୍ର ସରକାର ପୂର୍ବରୁ ଘୋଷଣା କରିଥିବା ପ୍ରତିଶ୍ରୁତି କାର୍ଯ୍ୟକାରୀ କରିବା କଥା ଭୁଲିଯାଇଛନ୍ତି।
–ମାୟାବତୀ, ବିଏସ୍‌ପି ଅଧ୍ୟକ୍ଷା
“ କେନ୍ଦ୍ର ବଜେଟ ଅଭିବୃଦ୍ଧି କୈନ୍ଦ୍ରିକ। ଏଥିରେ ସରକାରଙ୍କ ଆତ୍ମନିର୍ଭର ଭାରତ ଏବଂ ପ୍ରଧାନମନ୍ତ୍ରୀ ନରେନ୍ଦ୍ର ମୋଦିଙ୍କ ବିକାଶ ଓ ଜନାଭିମୁଖୀ ସଂସ୍କାର ଦୂରଦୃଷ୍ଟିକୁ ଫୋକସ କରାଯାଇଛି।
–ରାଜନାଥ ସିଂ, ପ୍ରତିରକ୍ଷା ମନ୍ତ୍ରୀ
“ ଦୂରଦୃଷ୍ଟିସମ୍ପନ୍ନ ବଜେଟ। ଏହା ଭାରତକୁ ବିଶ୍ୱର ଅଗ୍ରଣୀ ଅର୍ଥନୀତିରେ ପରିଣତ କରିବାରେ ସହାୟକ ହେବ। ବଜେଟ ଭାରତର ଅର୍ଥନୀତିକୁ ନୂଆ ସୋପାନକୁ ନେଇଯିବ।
–ଅମିତ୍ ଶାହା, ସ୍ୱରାଷ୍ଟ୍ର ମନ୍ତ୍ରୀ
୧୦
